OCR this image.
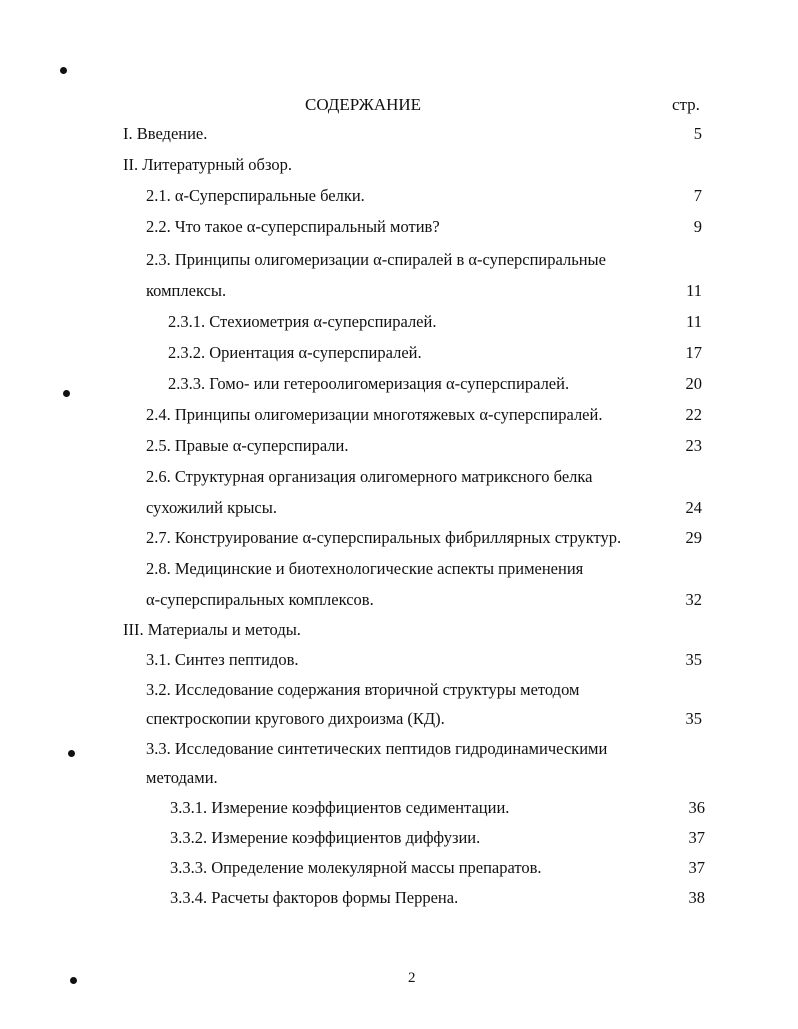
СОДЕРЖАНИЕ	стр.
I. Введение.	5
II. Литературный обзор.
2.1. α-Суперспиральные белки.	7
2.2. Что такое α-суперспиральный мотив?	9
2.3. Принципы олигомеризации α-спиралей в α-суперспиральные
комплексы.	11
2.3.1. Стехиометрия α-суперспиралей.	11
2.3.2. Ориентация α-суперспиралей.	17
2.3.3. Гомо- или гетероолигомеризация α-суперспиралей.	20
2.4. Принципы олигомеризации многотяжевых α-суперспиралей.	22
2.5. Правые α-суперспирали.	23
2.6. Структурная организация олигомерного матриксного белка
сухожилий крысы.	24
2.7. Конструирование α-суперспиральных фибриллярных структур.	29
2.8. Медицинские и биотехнологические аспекты применения
α-суперспиральных комплексов.	32
III. Материалы и методы.
3.1. Синтез пептидов.	35
3.2. Исследование содержания вторичной структуры методом
спектроскопии кругового дихроизма (КД).	35
3.3. Исследование синтетических пептидов гидродинамическими
методами.
3.3.1. Измерение коэффициентов седиментации.	36
3.3.2. Измерение коэффициентов диффузии.	37
3.3.3. Определение молекулярной массы препаратов.	37
3.3.4. Расчеты факторов формы Перрена.	38
2
